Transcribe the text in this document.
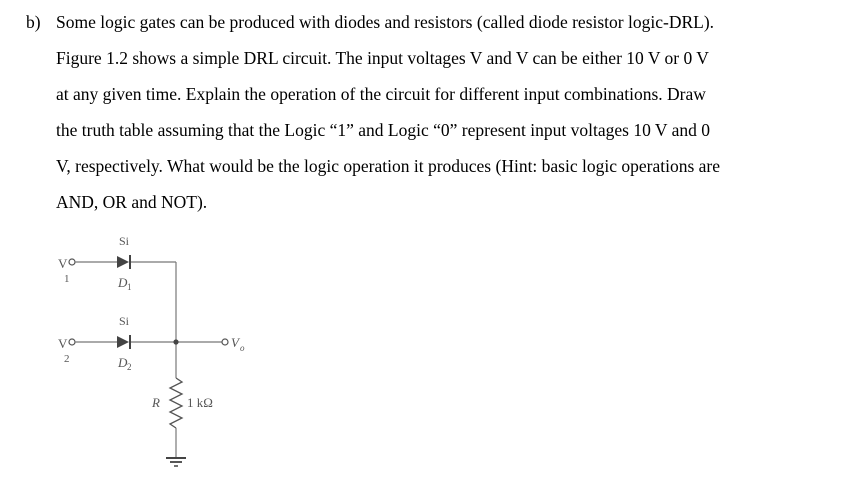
b) Some logic gates can be produced with diodes and resistors (called diode resistor logic-DRL).
Figure 1.2 shows a simple DRL circuit. The input voltages V and V can be either 10 V or 0 V
at any given time. Explain the operation of the circuit for different input combinations. Draw
the truth table assuming that the Logic “1” and Logic “0” represent input voltages 10 V and 0
V, respectively. What would be the logic operation it produces (Hint: basic logic operations are
AND, OR and NOT).
V
1
V
2
Si
D 1
Si
D 2
R 1 kΩ
V o
